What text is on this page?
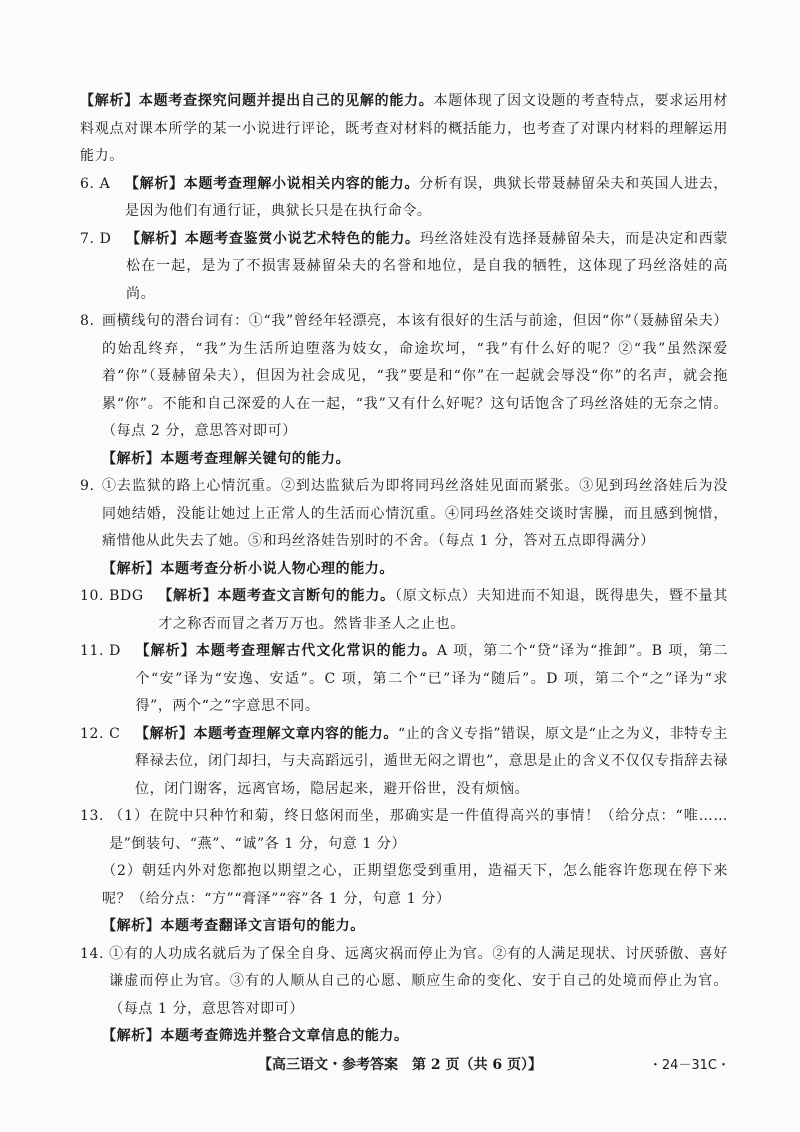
【解析】本题考查探究问题并提出自己的见解的能力。本题体现了因文设题的考查特点，要求运用材料观点对课本所学的某一小说进行评论，既考查对材料的概括能力，也考查了对课内材料的理解运用能力。
6. A　 【解析】本题考查理解小说相关内容的能力。分析有误，典狱长带聂赫留朵夫和英国人进去，是因为他们有通行证，典狱长只是在执行命令。
7. D　 【解析】本题考查鉴赏小说艺术特色的能力。玛丝洛娃没有选择聂赫留朵夫，而是决定和西蒙松在一起，是为了不损害聂赫留朵夫的名誉和地位，是自我的牺牲，这体现了玛丝洛娃的高尚。
8. 画横线句的潜台词有：①“我”曾经年轻漂亮，本该有很好的生活与前途，但因“你”（聂赫留朵夫）的始乱终弃，“我”为生活所迫堕落为妓女，命途坎坷，“我”有什么好的呢？②“我”虽然深爱着“你”（聂赫留朵夫），但因为社会成见，“我”要是和“你”在一起就会辱没“你”的名声，就会拖累“你”。不能和自己深爱的人在一起，“我”又有什么好呢？这句话饱含了玛丝洛娃的无奈之情。（每点 2 分，意思答对即可）
【解析】本题考查理解关键句的能力。
9. ①去监狱的路上心情沉重。②到达监狱后为即将同玛丝洛娃见面而紧张。③见到玛丝洛娃后为没同她结婚，没能让她过上正常人的生活而心情沉重。④同玛丝洛娃交谈时害臊，而且感到惋惜，痛惜他从此失去了她。⑤和玛丝洛娃告别时的不舍。（每点 1 分，答对五点即得满分）
【解析】本题考查分析小说人物心理的能力。
10. BDG　 【解析】本题考查文言断句的能力。（原文标点）夫知进而不知退，既得患失，暨不量其才之称否而冒之者万万也。然皆非圣人之止也。
11. D　 【解析】本题考查理解古代文化常识的能力。A 项，第二个“贷”译为“推卸”。B 项，第二个“安”译为“安逸、安适”。C 项，第二个“已”译为“随后”。D 项，第二个“之”译为“求得”，两个“之”字意思不同。
12. C　 【解析】本题考查理解文章内容的能力。“止的含义专指”错误，原文是“止之为义，非特专主释禄去位，闭门却扫，与夫高蹈远引，遁世无闷之谓也”，意思是止的含义不仅仅专指辞去禄位，闭门谢客，远离官场，隐居起来，避开俗世，没有烦恼。
13. （1）在院中只种竹和菊，终日悠闲而坐，那确实是一件值得高兴的事情！（给分点：“唯……是”倒装句、“燕”、“诚”各 1 分，句意 1 分）
（2）朝廷内外对您都抱以期望之心，正期望您受到重用，造福天下，怎么能容许您现在停下来呢？（给分点：“方”“膏泽”“容”各 1 分，句意 1 分）
【解析】本题考查翻译文言语句的能力。
14. ①有的人功成名就后为了保全自身、远离灾祸而停止为官。②有的人满足现状、讨厌骄傲、喜好谦虚而停止为官。③有的人顺从自己的心愿、顺应生命的变化、安于自己的处境而停止为官。（每点 1 分，意思答对即可）
【解析】本题考查筛选并整合文章信息的能力。
【高三语文・参考答案　第 2 页（共 6 页）】	・24－31C・
